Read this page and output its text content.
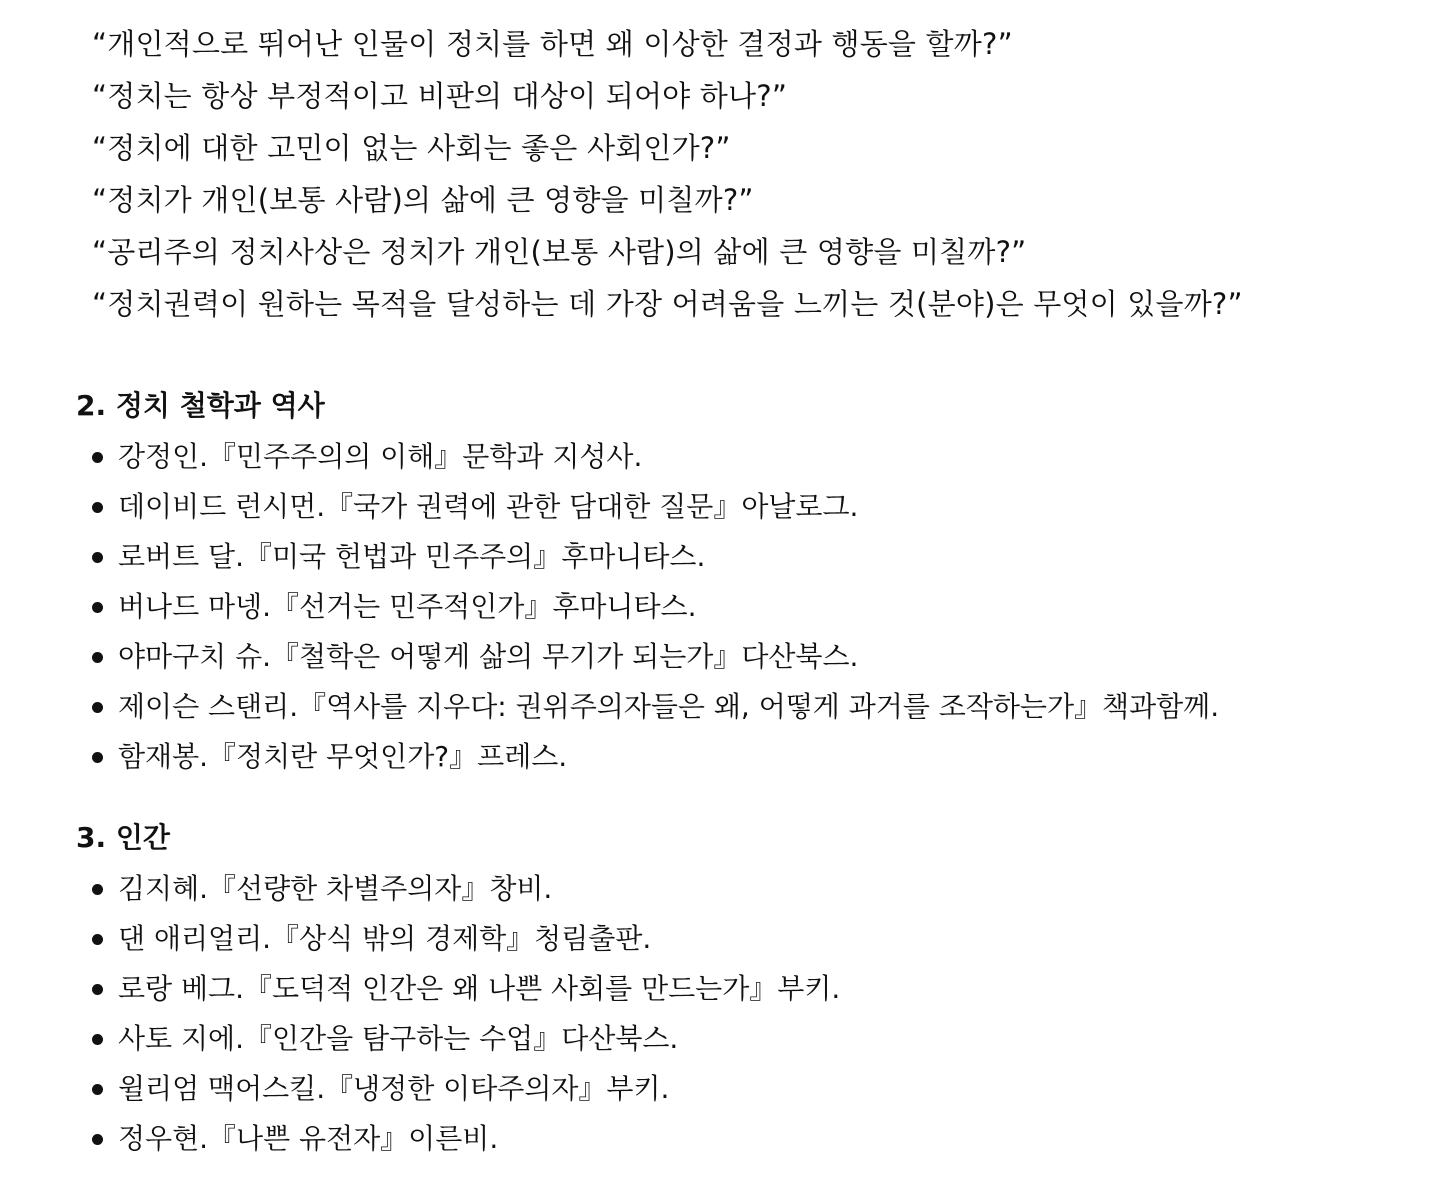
“개인적으로 뛰어난 인물이 정치를 하면 왜 이상한 결정과 행동을 할까?”
“정치는 항상 부정적이고 비판의 대상이 되어야 하나?”
“정치에 대한 고민이 없는 사회는 좋은 사회인가?”
“정치가 개인(보통 사람)의 삶에 큰 영향을 미칠까?”
“공리주의 정치사상은 정치가 개인(보통 사람)의 삶에 큰 영향을 미칠까?”
“정치권력이 원하는 목적을 달성하는 데 가장 어려움을 느끼는 것(분야)은 무엇이 있을까?”
2. 정치 철학과 역사
강정인.『민주주의의 이해』문학과 지성사.
데이비드 런시먼.『국가 권력에 관한 담대한 질문』아날로그.
로버트 달.『미국 헌법과 민주주의』후마니타스.
버나드 마넹.『선거는 민주적인가』후마니타스.
야마구치 슈.『철학은 어떻게 삶의 무기가 되는가』다산북스.
제이슨 스탠리.『역사를 지우다: 권위주의자들은 왜, 어떻게 과거를 조작하는가』책과함께.
함재봉.『정치란 무엇인가?』프레스.
3. 인간
김지혜.『선량한 차별주의자』창비.
댄 애리얼리.『상식 밖의 경제학』청림출판.
로랑 베그.『도덕적 인간은 왜 나쁜 사회를 만드는가』부키.
사토 지에.『인간을 탐구하는 수업』다산북스.
윌리엄 맥어스킬.『냉정한 이타주의자』부키.
정우현.『나쁜 유전자』이른비.
